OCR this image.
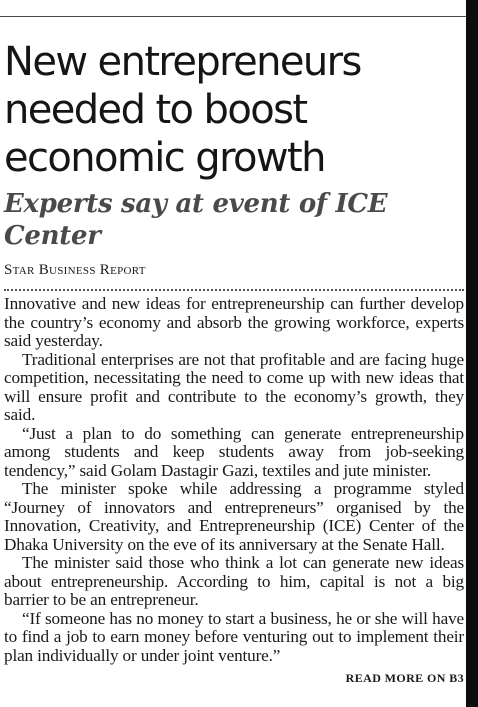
New entrepreneurs needed to boost economic growth
Experts say at event of ICE Center
Star Business Report

Innovative and new ideas for entrepreneurship can further develop the country’s economy and absorb the growing workforce, experts said yesterday.

Traditional enterprises are not that profitable and are facing huge competition, necessitating the need to come up with new ideas that will ensure profit and contribute to the economy’s growth, they said.

“Just a plan to do something can generate entrepreneurship among students and keep students away from job-seeking tendency,” said Golam Dastagir Gazi, textiles and jute minister.

The minister spoke while addressing a programme styled “Journey of innovators and entrepreneurs” organised by the Innovation, Creativity, and Entrepreneurship (ICE) Center of the Dhaka University on the eve of its anniversary at the Senate Hall.

The minister said those who think a lot can generate new ideas about entrepreneurship. According to him, capital is not a big barrier to be an entrepreneur.

“If someone has no money to start a business, he or she will have to find a job to earn money before venturing out to implement their plan individually or under joint venture.”

READ MORE ON B3
